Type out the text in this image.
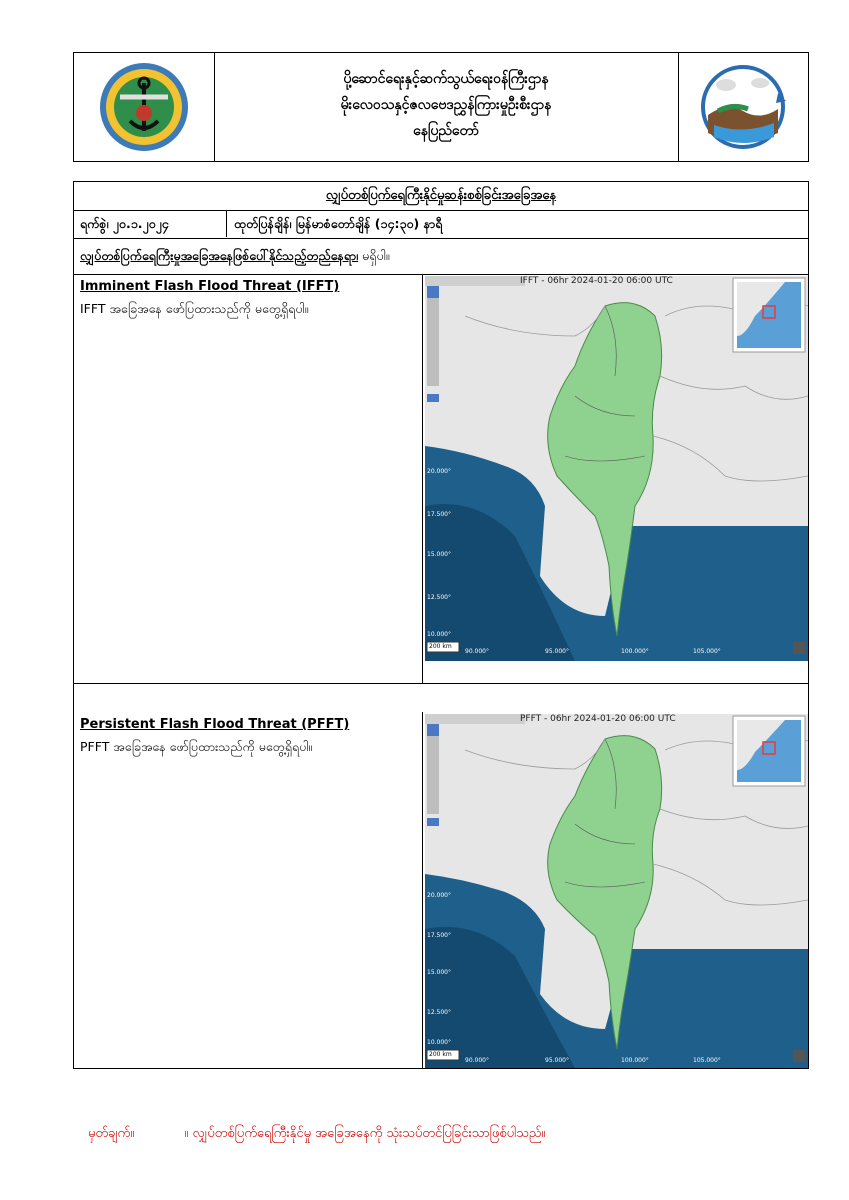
ပို့ဆောင်ရေးနှင့်ဆက်သွယ်ရေးဝန်ကြီးဌာန
မိုးလေဝသနှင့်ဇလဗေဒညွှန်ကြားမှုဦးစီးဌာန
နေပြည်တော်
လျှပ်တစ်ပြက်ရေကြီးနိုင်မှုဆန်းစစ်ခြင်းအခြေအနေ
ရက်စွဲ၊ ၂၀.၁.၂၀၂၄	ထုတ်ပြန်ချိန်၊ မြန်မာစံတော်ချိန် (၁၄:၃၀) နာရီ
လျှပ်တစ်ပြက်ရေကြီးမှုအခြေအနေဖြစ်ပေါ်နိုင်သည့်တည်နေရာ၊ မရှိပါ။
Imminent Flash Flood Threat (IFFT)
IFFT အခြေအနေ ဖော်ပြထားသည်ကို မတွေ့ရှိရပါ။
IFFT - 06hr 2024-01-20 06:00 UTC
200 km
20.000°
17.500°
15.000°
12.500°
10.000°
90.000°	95.000°	100.000°	105.000°
Persistent Flash Flood Threat (PFFT)
PFFT အခြေအနေ ဖော်ပြထားသည်ကို မတွေ့ရှိရပါ။
PFFT - 06hr 2024-01-20 06:00 UTC
200 km
20.000°
17.500°
15.000°
12.500°
10.000°
90.000°	95.000°	100.000°	105.000°
မှတ်ချက်။	။ လျှပ်တစ်ပြက်ရေကြီးနိုင်မှု အခြေအနေကို သုံးသပ်တင်ပြခြင်းသာဖြစ်ပါသည်။
